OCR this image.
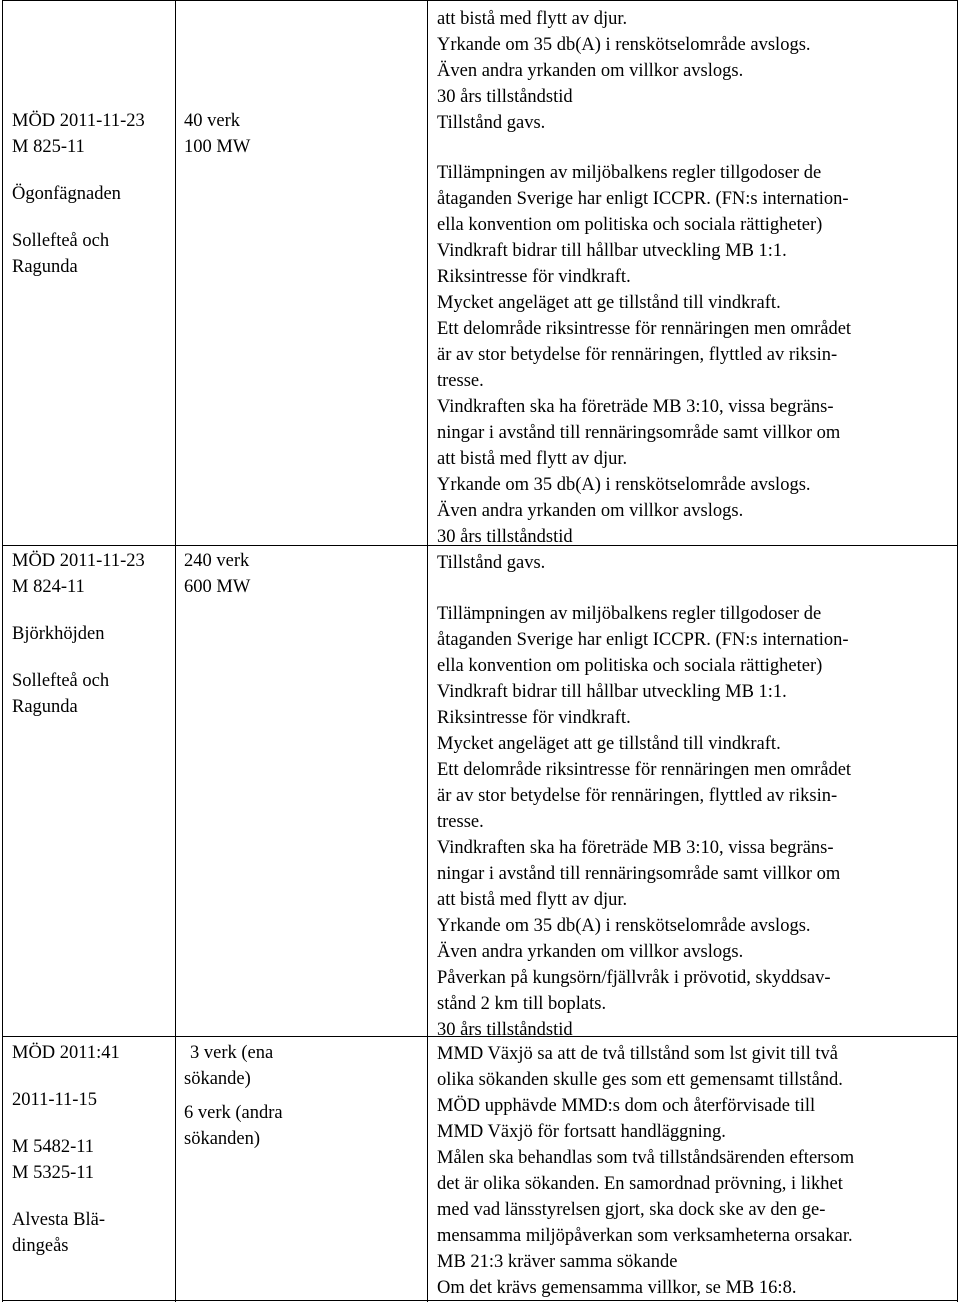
MÖD 2011-11-23
M 825-11
Ögonfägnaden
Sollefteå och
Ragunda
40 verk
100 MW
MÖD 2011-11-23
M 824-11
Björkhöjden
Sollefteå och
Ragunda
240 verk
600 MW
MÖD 2011:41
2011-11-15
M 5482-11
M 5325-11
Alvesta Blä-
dingeås
3 verk (ena
sökande)
6 verk (andra
sökanden)
att bistå med flytt av djur.
Yrkande om 35 db(A) i renskötselområde avslogs.
Även andra yrkanden om villkor avslogs.
30 års tillståndstid
Tillstånd gavs.
Tillämpningen av miljöbalkens regler tillgodoser de
åtaganden Sverige har enligt ICCPR. (FN:s internation-
ella konvention om politiska och sociala rättigheter)
Vindkraft bidrar till hållbar utveckling MB 1:1.
Riksintresse för vindkraft.
Mycket angeläget att ge tillstånd till vindkraft.
Ett delområde riksintresse för rennäringen men området
är av stor betydelse för rennäringen, flyttled av riksin-
tresse.
Vindkraften ska ha företräde MB 3:10, vissa begräns-
ningar i avstånd till rennäringsområde samt villkor om
att bistå med flytt av djur.
Yrkande om 35 db(A) i renskötselområde avslogs.
Även andra yrkanden om villkor avslogs.
30 års tillståndstid
Tillstånd gavs.
Tillämpningen av miljöbalkens regler tillgodoser de
åtaganden Sverige har enligt ICCPR. (FN:s internation-
ella konvention om politiska och sociala rättigheter)
Vindkraft bidrar till hållbar utveckling MB 1:1.
Riksintresse för vindkraft.
Mycket angeläget att ge tillstånd till vindkraft.
Ett delområde riksintresse för rennäringen men området
är av stor betydelse för rennäringen, flyttled av riksin-
tresse.
Vindkraften ska ha företräde MB 3:10, vissa begräns-
ningar i avstånd till rennäringsområde samt villkor om
att bistå med flytt av djur.
Yrkande om 35 db(A) i renskötselområde avslogs.
Även andra yrkanden om villkor avslogs.
Påverkan på kungsörn/fjällvråk i prövotid, skyddsav-
stånd 2 km till boplats.
30 års tillståndstid
MMD Växjö sa att de två tillstånd som lst givit till två
olika sökanden skulle ges som ett gemensamt tillstånd.
MÖD upphävde MMD:s dom och återförvisade till
MMD Växjö för fortsatt handläggning.
Målen ska behandlas som två tillståndsärenden eftersom
det är olika sökanden. En samordnad prövning, i likhet
med vad länsstyrelsen gjort, ska dock ske av den ge-
mensamma miljöpåverkan som verksamheterna orsakar.
MB 21:3 kräver samma sökande
Om det krävs gemensamma villkor, se MB 16:8.
